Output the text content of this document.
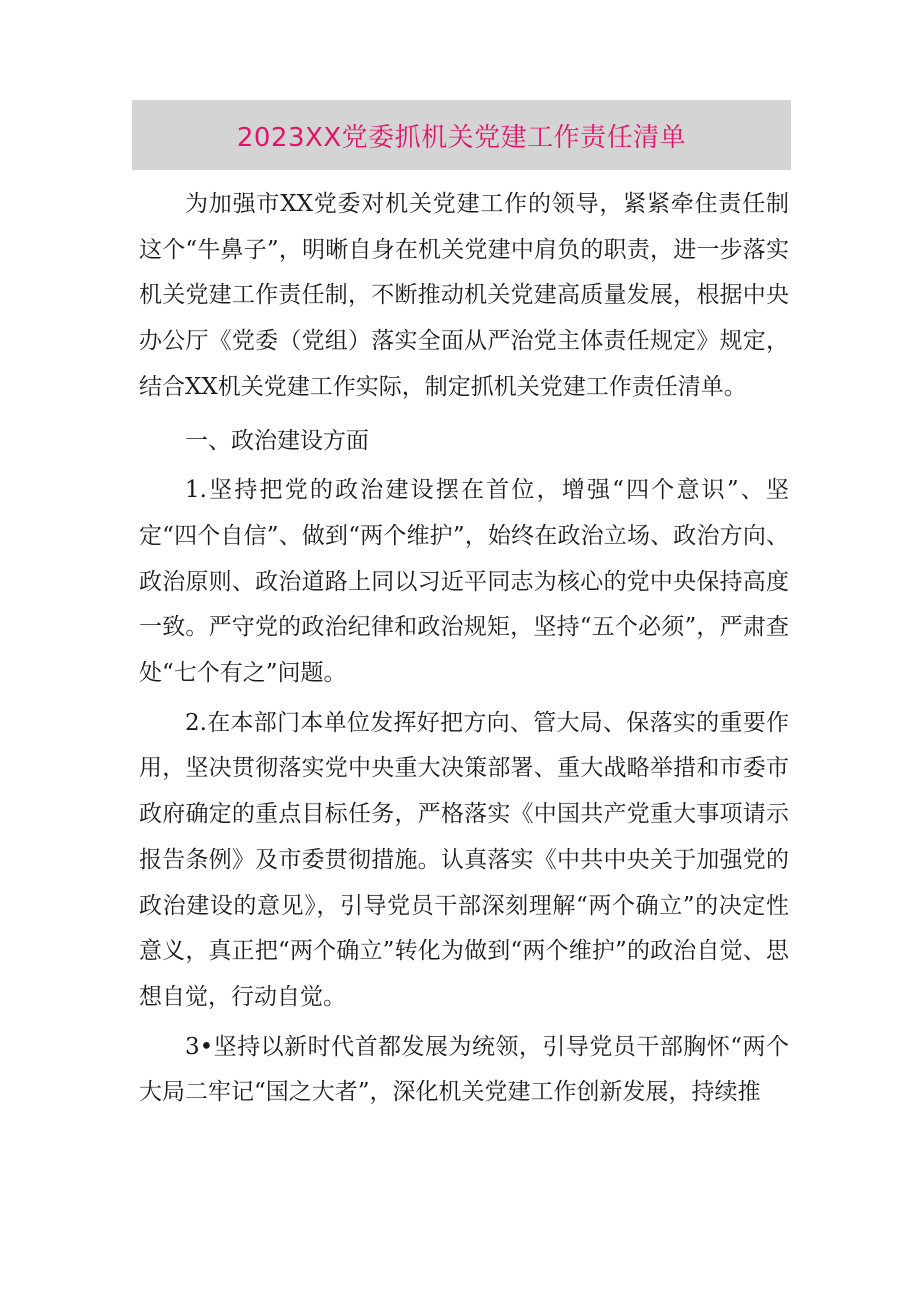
2023XX党委抓机关党建工作责任清单

为加强市XX党委对机关党建工作的领导，紧紧牵住责任制这个“牛鼻子”，明晰自身在机关党建中肩负的职责，进一步落实机关党建工作责任制，不断推动机关党建高质量发展，根据中央办公厅《党委（党组）落实全面从严治党主体责任规定》规定，结合XX机关党建工作实际，制定抓机关党建工作责任清单。

一、政治建设方面

1.坚持把党的政治建设摆在首位，增强“四个意识”、坚定“四个自信”、做到“两个维护”，始终在政治立场、政治方向、政治原则、政治道路上同以习近平同志为核心的党中央保持高度一致。严守党的政治纪律和政治规矩，坚持“五个必须”，严肃查处“七个有之”问题。

2.在本部门本单位发挥好把方向、管大局、保落实的重要作用，坚决贯彻落实党中央重大决策部署、重大战略举措和市委市政府确定的重点目标任务，严格落实《中国共产党重大事项请示报告条例》及市委贯彻措施。认真落实《中共中央关于加强党的政治建设的意见》，引导党员干部深刻理解“两个确立”的决定性意义，真正把“两个确立”转化为做到“两个维护”的政治自觉、思想自觉，行动自觉。

3•坚持以新时代首都发展为统领，引导党员干部胸怀“两个大局二牢记“国之大者”，深化机关党建工作创新发展，持续推
